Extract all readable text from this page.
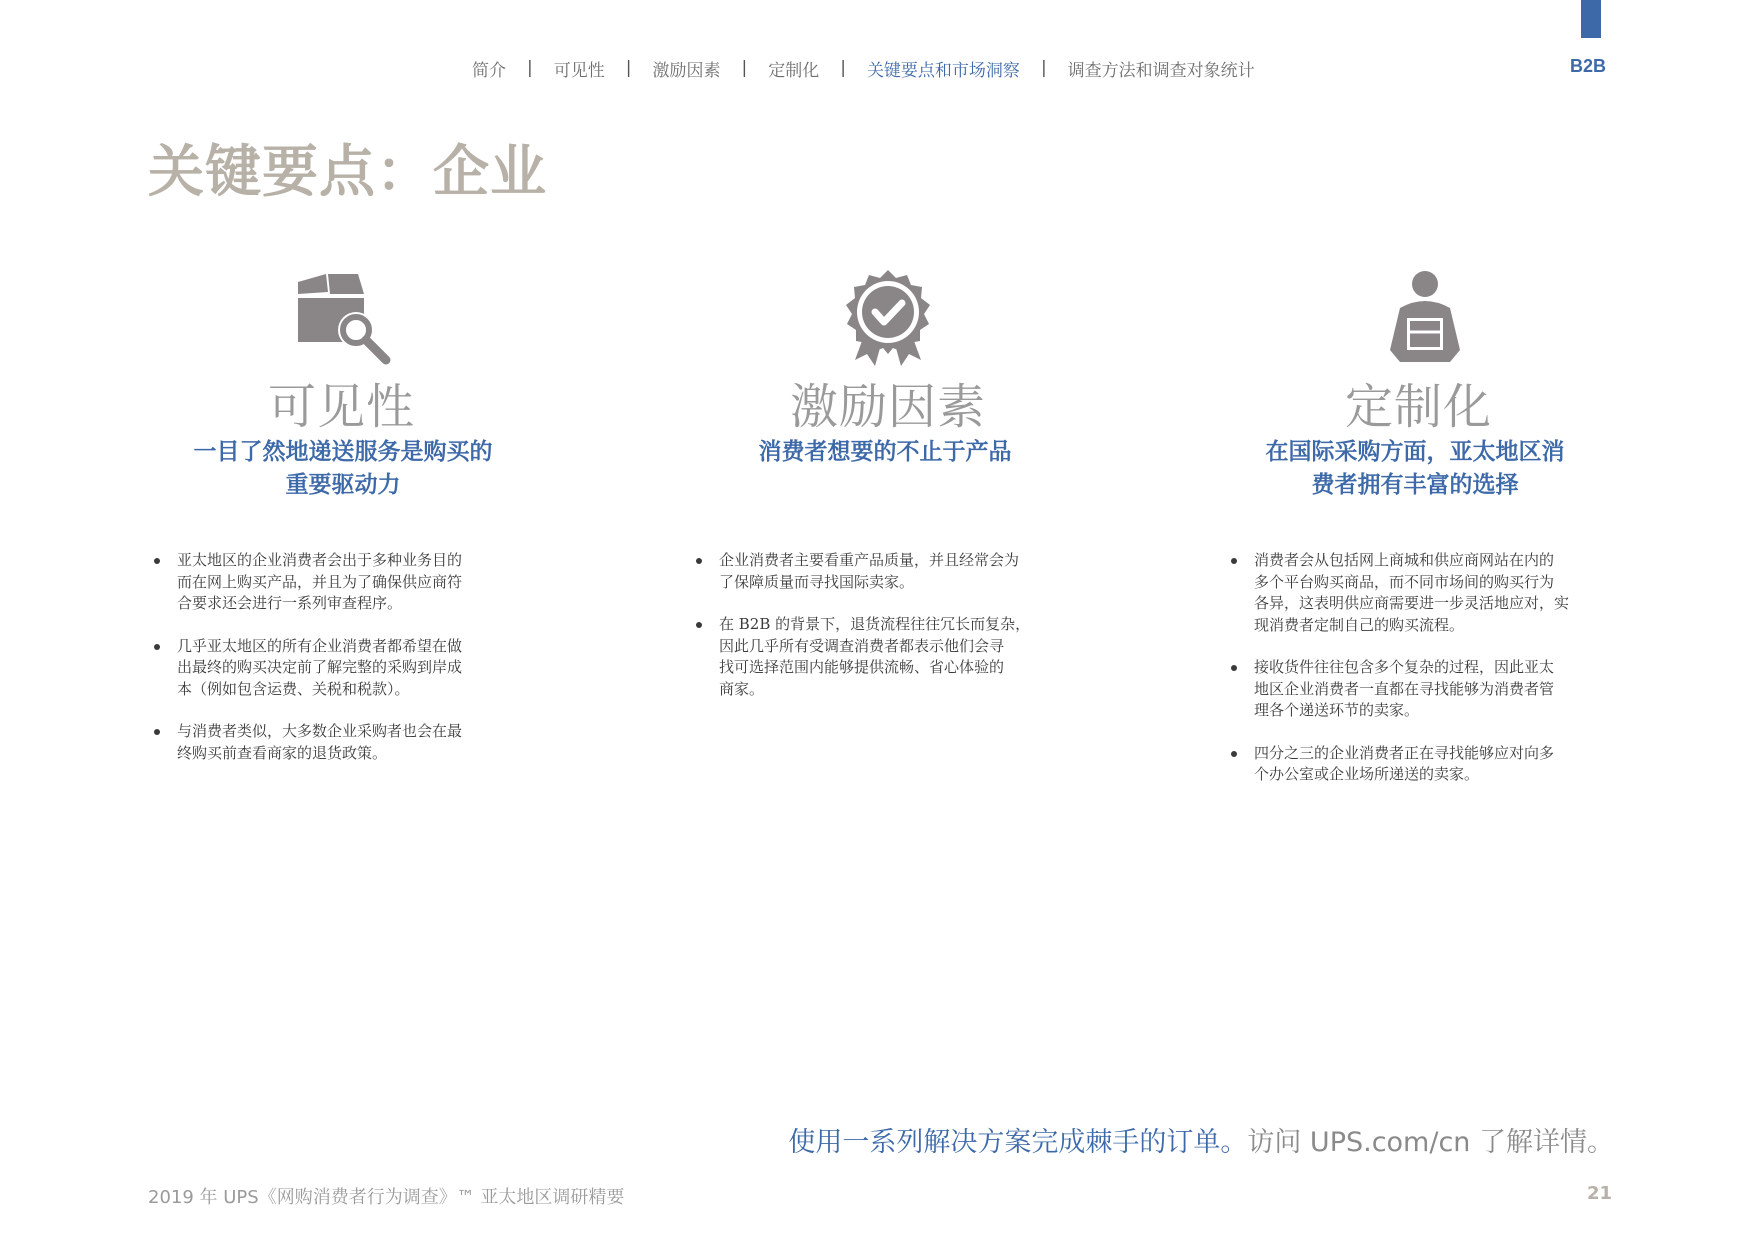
简介 | 可见性 | 激励因素 | 定制化 | 关键要点和市场洞察 | 调查方法和调查对象统计	B2B
关键要点：企业
可见性

一目了然地递送服务是购买的
重要驱动力

亚太地区的企业消费者会出于多种业务目的
而在网上购买产品，并且为了确保供应商符
合要求还会进行一系列审查程序。
几乎亚太地区的所有企业消费者都希望在做
出最终的购买决定前了解完整的采购到岸成
本（例如包含运费、关税和税款）。
与消费者类似，大多数企业采购者也会在最
终购买前查看商家的退货政策。
激励因素

消费者想要的不止于产品

企业消费者主要看重产品质量，并且经常会为
了保障质量而寻找国际卖家。
在 B2B 的背景下，退货流程往往冗长而复杂，
因此几乎所有受调查消费者都表示他们会寻
找可选择范围内能够提供流畅、省心体验的
商家。
定制化

在国际采购方面，亚太地区消
费者拥有丰富的选择

消费者会从包括网上商城和供应商网站在内的
多个平台购买商品，而不同市场间的购买行为
各异，这表明供应商需要进一步灵活地应对，实
现消费者定制自己的购买流程。
接收货件往往包含多个复杂的过程，因此亚太
地区企业消费者一直都在寻找能够为消费者管
理各个递送环节的卖家。
四分之三的企业消费者正在寻找能够应对向多
个办公室或企业场所递送的卖家。
使用一系列解决方案完成棘手的订单。访问 UPS.com/cn 了解详情。
2019 年 UPS《网购消费者行为调查》™ 亚太地区调研精要	21
